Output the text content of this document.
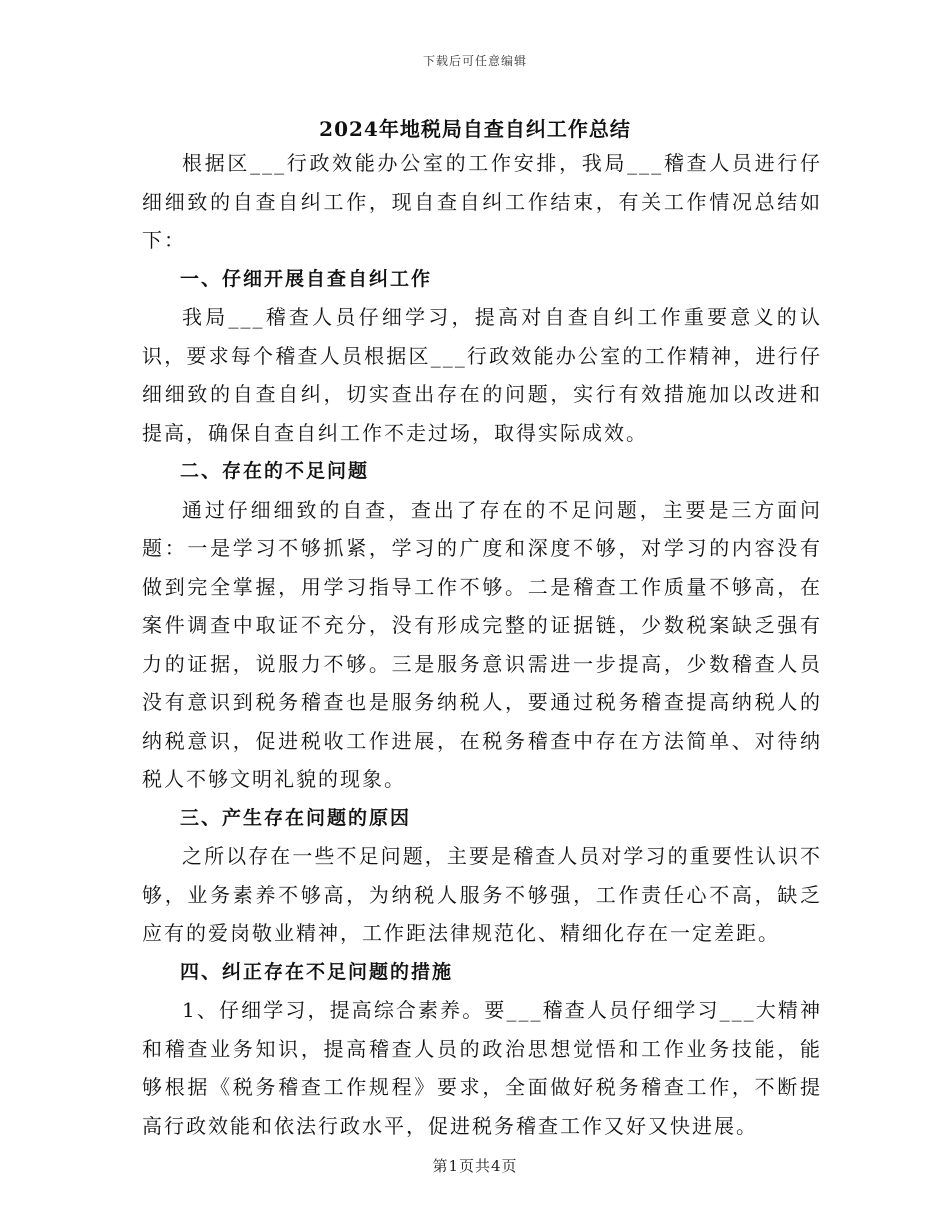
下载后可任意编辑
2024年地税局自查自纠工作总结

根据区___行政效能办公室的工作安排，我局___稽查人员进行仔细细致的自查自纠工作，现自查自纠工作结束，有关工作情况总结如下：

一、仔细开展自查自纠工作

我局___稽查人员仔细学习，提高对自查自纠工作重要意义的认识，要求每个稽查人员根据区___行政效能办公室的工作精神，进行仔细细致的自查自纠，切实查出存在的问题，实行有效措施加以改进和提高，确保自查自纠工作不走过场，取得实际成效。

二、存在的不足问题

通过仔细细致的自查，查出了存在的不足问题，主要是三方面问题：一是学习不够抓紧，学习的广度和深度不够，对学习的内容没有做到完全掌握，用学习指导工作不够。二是稽查工作质量不够高，在案件调查中取证不充分，没有形成完整的证据链，少数税案缺乏强有力的证据，说服力不够。三是服务意识需进一步提高，少数稽查人员没有意识到税务稽查也是服务纳税人，要通过税务稽查提高纳税人的纳税意识，促进税收工作进展，在税务稽查中存在方法简单、对待纳税人不够文明礼貌的现象。

三、产生存在问题的原因

之所以存在一些不足问题，主要是稽查人员对学习的重要性认识不够，业务素养不够高，为纳税人服务不够强，工作责任心不高，缺乏应有的爱岗敬业精神，工作距法律规范化、精细化存在一定差距。

四、纠正存在不足问题的措施

1、仔细学习，提高综合素养。要___稽查人员仔细学习___大精神和稽查业务知识，提高稽查人员的政治思想觉悟和工作业务技能，能够根据《税务稽查工作规程》要求，全面做好税务稽查工作，不断提高行政效能和依法行政水平，促进税务稽查工作又好又快进展。

第1页共4页
